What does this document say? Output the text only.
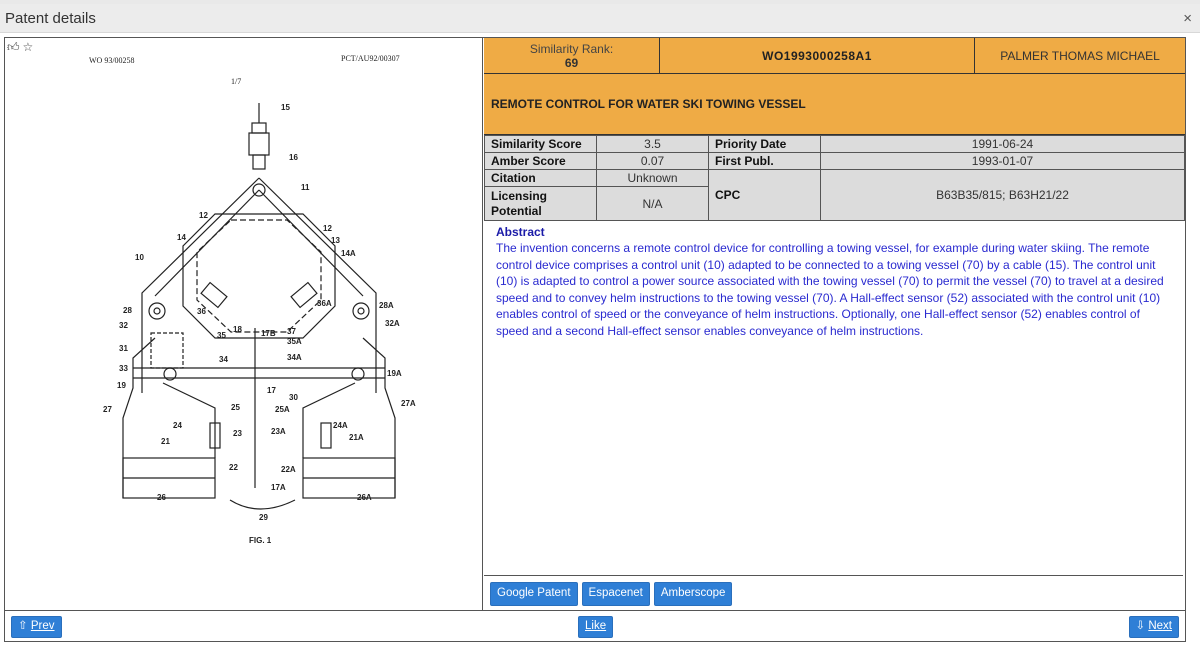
Patent details	×
👍︎ ☆
WO 93/00258	PCT/AU92/00307
1/7
15
16
11
12
14
10
12
13
14A
28
32
36
18 17B 37
35A
35
34	34A
36A	28A
32A
31
33
19
19A
17
30
25	25A
27
24
23
21
23A
24A
21A
27A
22	22A
17A
26	26A
29
FIG. 1
Similarity Rank:
69	WO1993000258A1	PALMER THOMAS MICHAEL
REMOTE CONTROL FOR WATER SKI TOWING VESSEL
Similarity Score	3.5	Priority Date	1991-06-24
Amber Score	0.07	First Publ.	1993-01-07
Citation	Unknown	CPC	B63B35/815; B63H21/22
Licensing Potential	N/A		
Abstract
The invention concerns a remote control device for controlling a towing vessel, for example during water skiing. The remote control device comprises a control unit (10) adapted to be connected to a towing vessel (70) by a cable (15). The control unit (10) is adapted to control a power source associated with the towing vessel (70) to permit the vessel (70) to travel at a desired speed and to convey helm instructions to the towing vessel (70). A Hall-effect sensor (52) associated with the control unit (10) enables control of speed or the conveyance of helm instructions. Optionally, one Hall-effect sensor (52) enables control of speed and a second Hall-effect sensor enables conveyance of helm instructions.
Google Patent	Espacenet	Amberscope
⇧ Prev	Like	⇩ Next
